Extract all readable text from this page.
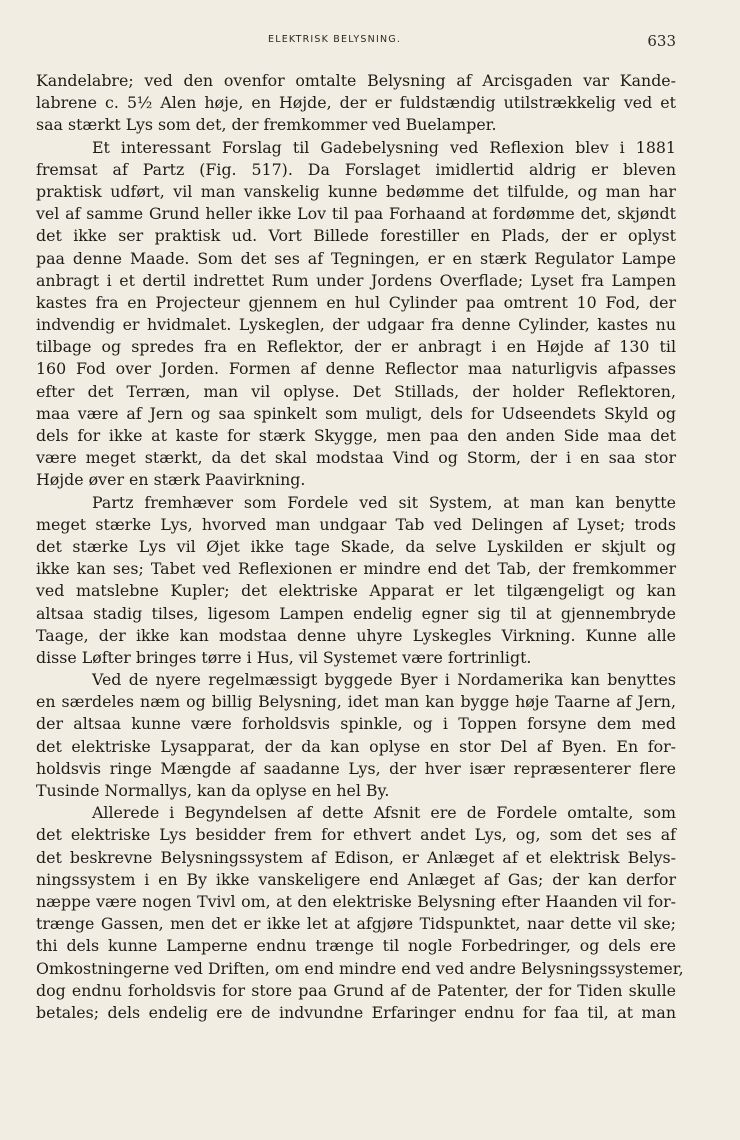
ELEKTRISK BELYSNING.	633
Kandelabre; ved den ovenfor omtalte Belysning af Arcisgaden var Kande-
labrene c. 5½ Alen høje, en Højde, der er fuldstændig utilstrækkelig ved et
saa stærkt Lys som det, der fremkommer ved Buelamper.
Et interessant Forslag til Gadebelysning ved Reflexion blev i 1881
fremsat af Partz (Fig. 517). Da Forslaget imidlertid aldrig er bleven
praktisk udført, vil man vanskelig kunne bedømme det tilfulde, og man har
vel af samme Grund heller ikke Lov til paa Forhaand at fordømme det, skjøndt
det ikke ser praktisk ud. Vort Billede forestiller en Plads, der er oplyst
paa denne Maade. Som det ses af Tegningen, er en stærk Regulator Lampe
anbragt i et dertil indrettet Rum under Jordens Overflade; Lyset fra Lampen
kastes fra en Projecteur gjennem en hul Cylinder paa omtrent 10 Fod, der
indvendig er hvidmalet. Lyskeglen, der udgaar fra denne Cylinder, kastes nu
tilbage og spredes fra en Reflektor, der er anbragt i en Højde af 130 til
160 Fod over Jorden. Formen af denne Reflector maa naturligvis afpasses
efter det Terræn, man vil oplyse. Det Stillads, der holder Reflektoren,
maa være af Jern og saa spinkelt som muligt, dels for Udseendets Skyld og
dels for ikke at kaste for stærk Skygge, men paa den anden Side maa det
være meget stærkt, da det skal modstaa Vind og Storm, der i en saa stor
Højde øver en stærk Paavirkning.
Partz fremhæver som Fordele ved sit System, at man kan benytte
meget stærke Lys, hvorved man undgaar Tab ved Delingen af Lyset; trods
det stærke Lys vil Øjet ikke tage Skade, da selve Lyskilden er skjult og
ikke kan ses; Tabet ved Reflexionen er mindre end det Tab, der fremkommer
ved matslebne Kupler; det elektriske Apparat er let tilgængeligt og kan
altsaa stadig tilses, ligesom Lampen endelig egner sig til at gjennembryde
Taage, der ikke kan modstaa denne uhyre Lyskegles Virkning. Kunne alle
disse Løfter bringes tørre i Hus, vil Systemet være fortrinligt.
Ved de nyere regelmæssigt byggede Byer i Nordamerika kan benyttes
en særdeles næm og billig Belysning, idet man kan bygge høje Taarne af Jern,
der altsaa kunne være forholdsvis spinkle, og i Toppen forsyne dem med
det elektriske Lysapparat, der da kan oplyse en stor Del af Byen. En for-
holdsvis ringe Mængde af saadanne Lys, der hver især repræsenterer flere
Tusinde Normallys, kan da oplyse en hel By.
Allerede i Begyndelsen af dette Afsnit ere de Fordele omtalte, som
det elektriske Lys besidder frem for ethvert andet Lys, og, som det ses af
det beskrevne Belysningssystem af Edison, er Anlæget af et elektrisk Belys-
ningssystem i en By ikke vanskeligere end Anlæget af Gas; der kan derfor
næppe være nogen Tvivl om, at den elektriske Belysning efter Haanden vil for-
trænge Gassen, men det er ikke let at afgjøre Tidspunktet, naar dette vil ske;
thi dels kunne Lamperne endnu trænge til nogle Forbedringer, og dels ere
Omkostningerne ved Driften, om end mindre end ved andre Belysningssystemer,
dog endnu forholdsvis for store paa Grund af de Patenter, der for Tiden skulle
betales; dels endelig ere de indvundne Erfaringer endnu for faa til, at man
